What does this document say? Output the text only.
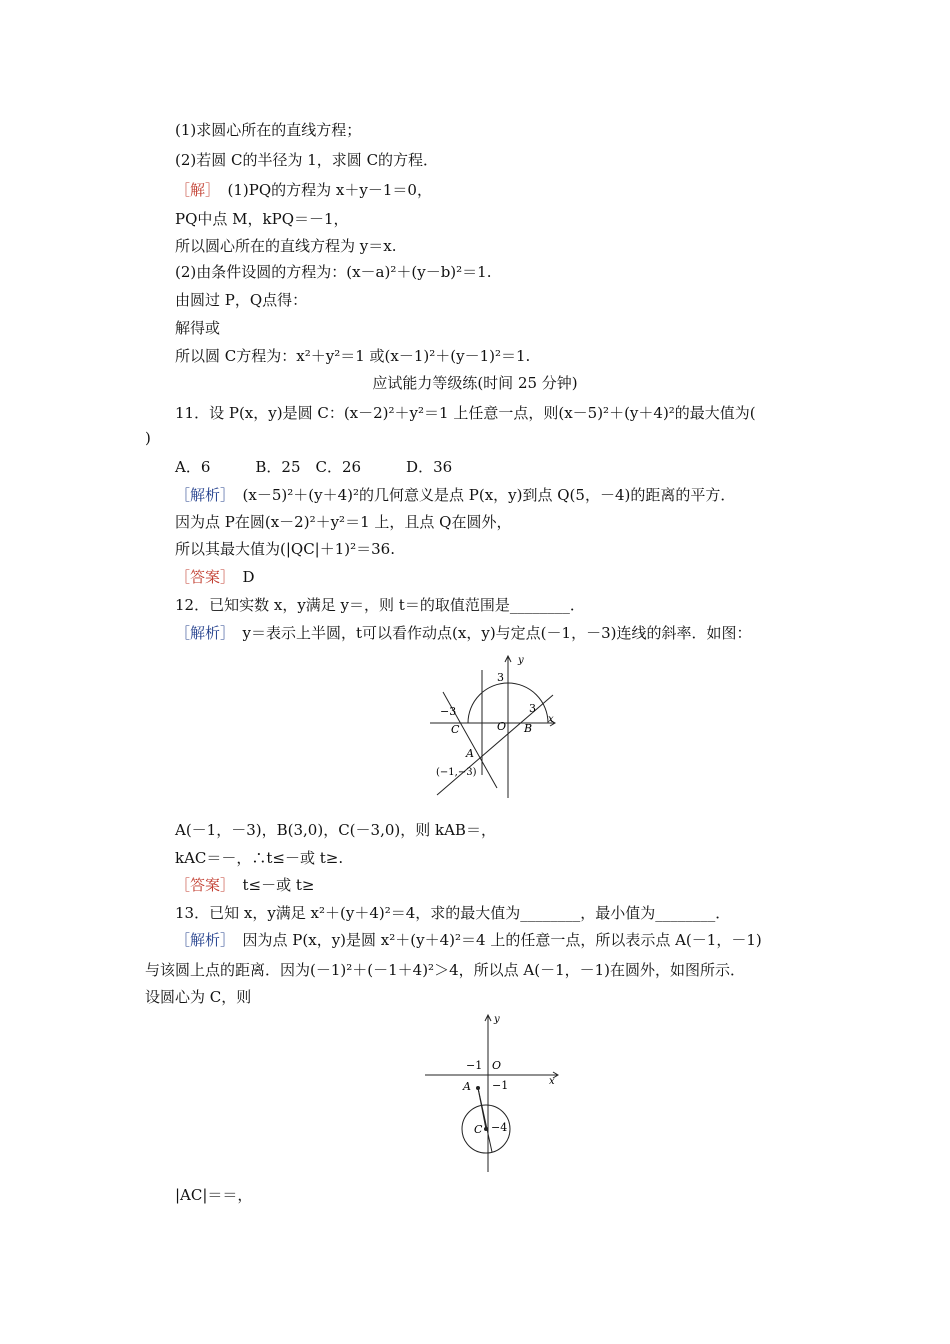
(1)求圆心所在的直线方程；
(2)若圆 C的半径为 1，求圆 C的方程．
［解］　 (1)PQ的方程为 x＋y－1＝0，
PQ中点 M，kPQ＝－1，
所以圆心所在的直线方程为 y＝x.
(2)由条件设圆的方程为：(x－a)²＋(y－b)²＝1.
由圆过 P，Q点得：
解得或
所以圆 C方程为：x²＋y²＝1 或(x－1)²＋(y－1)²＝1.
应试能力等级练(时间 25 分钟)
11．设 P(x，y)是圆 C：(x－2)²＋y²＝1 上任意一点，则(x－5)²＋(y＋4)²的最大值为(
)
A．6　　　B．25　C．26　　　D．36
［解析］　 (x－5)²＋(y＋4)²的几何意义是点 P(x，y)到点 Q(5，－4)的距离的平方．
因为点 P在圆(x－2)²＋y²＝1 上，且点 Q在圆外，
所以其最大值为(|QC|＋1)²＝36.
［答案］　 D
12．已知实数 x，y满足 y＝，则 t＝的取值范围是________．
［解析］　 y＝表示上半圆，t可以看作动点(x，y)与定点(－1，－3)连线的斜率．如图：
y
x
3
3
−3
C	O B
A
(−1,−3)
A(－1，－3)，B(3,0)，C(－3,0)，则 kAB＝，
kAC＝－，∴t≤－或 t≥.
［答案］　 t≤－或 t≥
13．已知 x，y满足 x²＋(y＋4)²＝4，求的最大值为________，最小值为________．
［解析］　 因为点 P(x，y)是圆 x²＋(y＋4)²＝4 上的任意一点，所以表示点 A(－1，－1)
与该圆上点的距离．因为(－1)²＋(－1＋4)²＞4，所以点 A(－1，－1)在圆外，如图所示．
设圆心为 C，则
y
x
−1 O
A −1
C −4
|AC|＝＝，
